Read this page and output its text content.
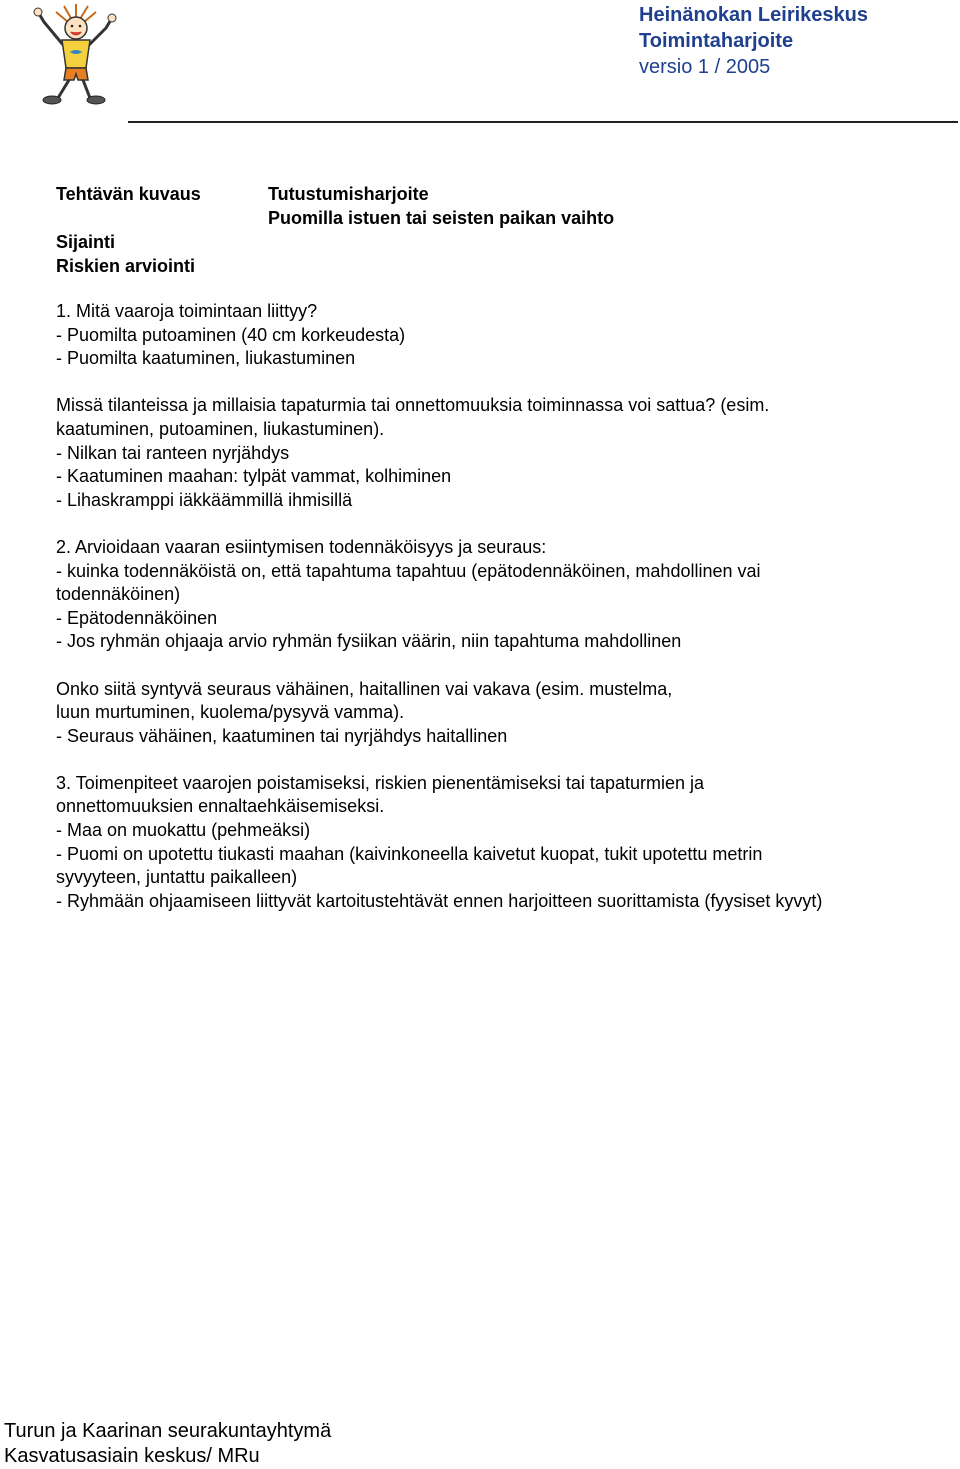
Heinänokan Leirikeskus
Toimintaharjoite
versio 1 / 2005
Tehtävän kuvaus
Sijainti
Riskien arviointi
Tutustumisharjoite
Puomilla istuen tai seisten paikan vaihto
1. Mitä vaaroja toimintaan liittyy?
- Puomilta putoaminen (40 cm korkeudesta)
- Puomilta kaatuminen, liukastuminen
Missä tilanteissa ja millaisia tapaturmia tai onnettomuuksia toiminnassa voi sattua? (esim.
kaatuminen, putoaminen, liukastuminen).
- Nilkan tai ranteen nyrjähdys
- Kaatuminen maahan: tylpät vammat, kolhiminen
- Lihaskramppi iäkkäämmillä ihmisillä
2. Arvioidaan vaaran esiintymisen todennäköisyys ja seuraus:
- kuinka todennäköistä on, että tapahtuma tapahtuu (epätodennäköinen, mahdollinen vai
todennäköinen)
- Epätodennäköinen
- Jos ryhmän ohjaaja arvio ryhmän fysiikan väärin, niin tapahtuma mahdollinen
Onko siitä syntyvä seuraus vähäinen, haitallinen vai vakava (esim. mustelma,
luun murtuminen, kuolema/pysyvä vamma).
- Seuraus vähäinen, kaatuminen tai nyrjähdys haitallinen
3. Toimenpiteet vaarojen poistamiseksi, riskien pienentämiseksi tai tapaturmien ja
onnettomuuksien ennaltaehkäisemiseksi.
- Maa on muokattu (pehmeäksi)
- Puomi on upotettu tiukasti maahan (kaivinkoneella kaivetut kuopat, tukit upotettu metrin
syvyyteen, juntattu paikalleen)
- Ryhmään ohjaamiseen liittyvät kartoitustehtävät ennen harjoitteen suorittamista (fyysiset kyvyt)
Turun ja Kaarinan seurakuntayhtymä
Kasvatusasiain keskus/ MRu
